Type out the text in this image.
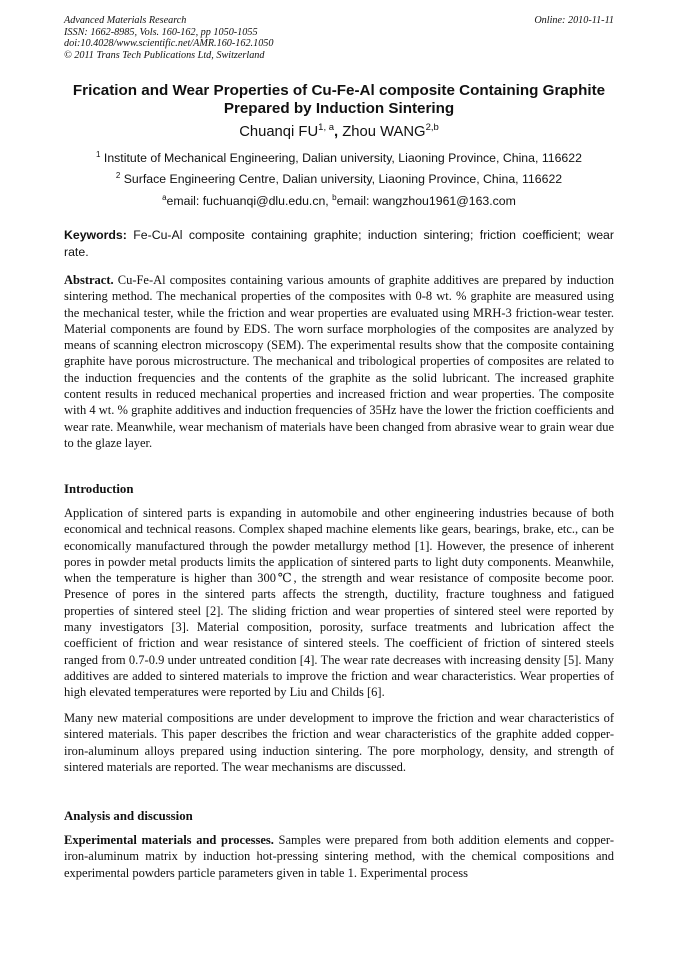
Advanced Materials Research
ISSN: 1662-8985, Vols. 160-162, pp 1050-1055
doi:10.4028/www.scientific.net/AMR.160-162.1050
© 2011 Trans Tech Publications Ltd, Switzerland
Online: 2010-11-11
Frication and Wear Properties of Cu-Fe-Al composite Containing Graphite Prepared by Induction Sintering
Chuanqi FU$^{1, a}$, Zhou WANG$^{2,b}$
$^1$ Institute of Mechanical Engineering, Dalian university, Liaoning Province, China, 116622
$^2$ Surface Engineering Centre, Dalian university, Liaoning Province, China, 116622
$^a$email: fuchuanqi@dlu.edu.cn, $^b$email: wangzhou1961@163.com
Keywords: Fe-Cu-Al composite containing graphite; induction sintering; friction coefficient; wear rate.
Abstract. Cu-Fe-Al composites containing various amounts of graphite additives are prepared by induction sintering method. The mechanical properties of the composites with 0-8 wt. % graphite are measured using the mechanical tester, while the friction and wear properties are evaluated using MRH-3 friction-wear tester. Material components are found by EDS. The worn surface morphologies of the composites are analyzed by means of scanning electron microscopy (SEM). The experimental results show that the composite containing graphite have porous microstructure. The mechanical and tribological properties of composites are related to the induction frequencies and the contents of the graphite as the solid lubricant. The increased graphite content results in reduced mechanical properties and increased friction and wear properties. The composite with 4 wt. % graphite additives and induction frequencies of 35Hz have the lower the friction coefficients and wear rate. Meanwhile, wear mechanism of materials have been changed from abrasive wear to grain wear due to the glaze layer.
Introduction
Application of sintered parts is expanding in automobile and other engineering industries because of both economical and technical reasons. Complex shaped machine elements like gears, bearings, brake, etc., can be economically manufactured through the powder metallurgy method [1]. However, the presence of inherent pores in powder metal products limits the application of sintered parts to light duty components. Meanwhile, when the temperature is higher than 300℃, the strength and wear resistance of composite become poor. Presence of pores in the sintered parts affects the strength, ductility, fracture toughness and fatigued properties of sintered steel [2]. The sliding friction and wear properties of sintered steel were reported by many investigators [3]. Material composition, porosity, surface treatments and lubrication affect the coefficient of friction and wear resistance of sintered steels. The coefficient of friction of sintered steels ranged from 0.7-0.9 under untreated condition [4]. The wear rate decreases with increasing density [5]. Many additives are added to sintered materials to improve the friction and wear characteristics. Wear properties of high elevated temperatures were reported by Liu and Childs [6].
Many new material compositions are under development to improve the friction and wear characteristics of sintered materials. This paper describes the friction and wear characteristics of the graphite added copper-iron-aluminum alloys prepared using induction sintering. The pore morphology, density, and strength of sintered materials are reported. The wear mechanisms are discussed.
Analysis and discussion
Experimental materials and processes. Samples were prepared from both addition elements and copper-iron-aluminum matrix by induction hot-pressing sintering method, with the chemical compositions and experimental powders particle parameters given in table 1. Experimental process
